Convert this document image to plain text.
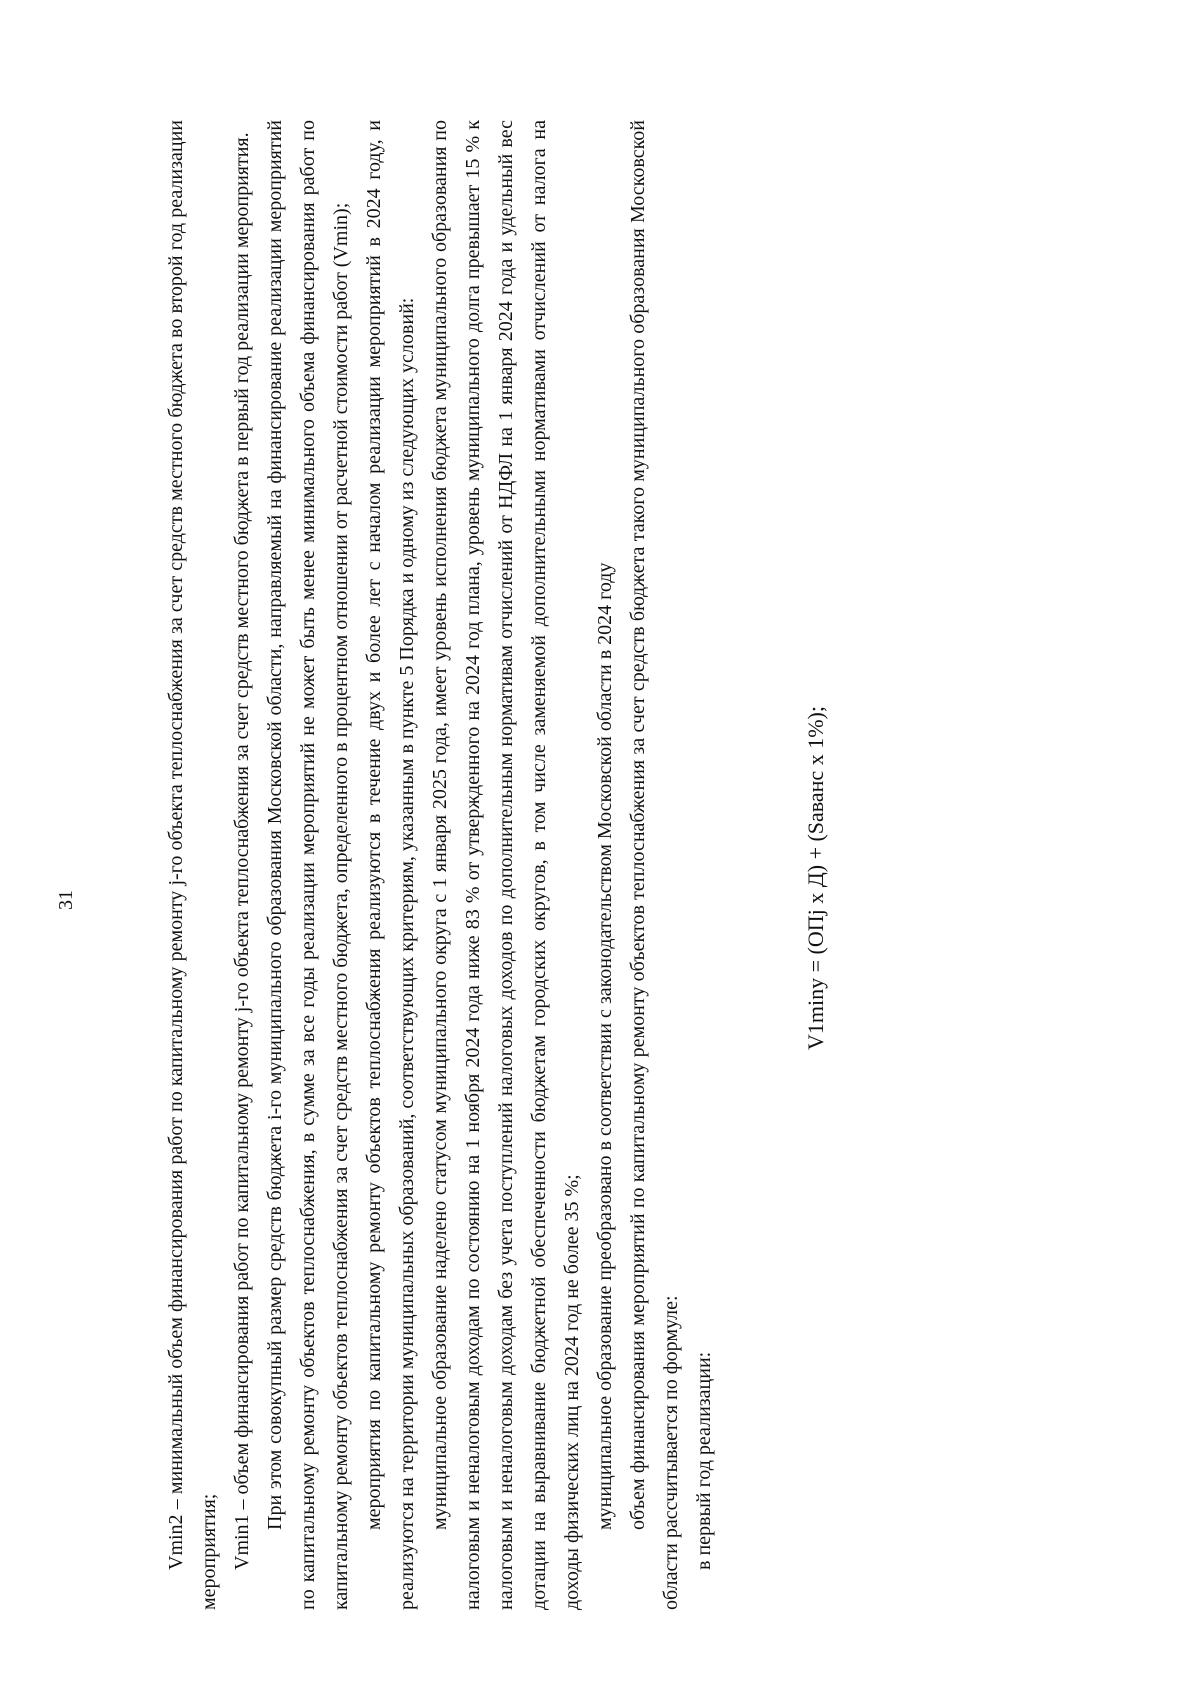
31	Vmin2 – минимальный объем финансирования работ по капитальному ремонту j-го объекта теплоснабжения за счет средств местного бюджета во второй год реализации мероприятия; Vmin1 – объем финансирования работ по капитальному ремонту j-го объекта теплоснабжения за счет средств местного бюджета в первый год реализации мероприятия. При этом совокупный размер средств бюджета i-го муниципального образования Московской области, направляемый на финансирование реализации мероприятий по капитальному ремонту объектов теплоснабжения, в сумме за все годы реализации мероприятий не может быть менее минимального объема финансирования работ по капитальному ремонту объектов теплоснабжения за счет средств местного бюджета, определенного в процентном отношении от расчетной стоимости работ (Vmin); мероприятия по капитальному ремонту объектов теплоснабжения реализуются в течение двух и более лет с началом реализации мероприятий в 2024 году, и реализуются на территории муниципальных образований, соответствующих критериям, указанным в пункте 5 Порядка и одному из следующих условий: муниципальное образование наделено статусом муниципального округа с 1 января 2025 года, имеет уровень исполнения бюджета муниципального образования по налоговым и неналоговым доходам по состоянию на 1 ноября 2024 года ниже 83 % от утвержденного на 2024 год плана, уровень муниципального долга превышает 15 % к налоговым и неналоговым доходам без учета поступлений налоговых доходов по дополнительным нормативам отчислений от НДФЛ на 1 января 2024 года и удельный вес дотации на выравнивание бюджетной обеспеченности бюджетам городских округов, в том числе заменяемой дополнительными нормативами отчислений от налога на доходы физических лиц на 2024 год не более 35 %; муниципальное образование преобразовано в соответствии с законодательством Московской области в 2024 году объем финансирования мероприятий по капитальному ремонту объектов теплоснабжения за счет средств бюджета такого муниципального образования Московской области рассчитывается по формуле: в первый год реализации:

V1miny = (ОПj x Д) + (Sаванс x 1%);
